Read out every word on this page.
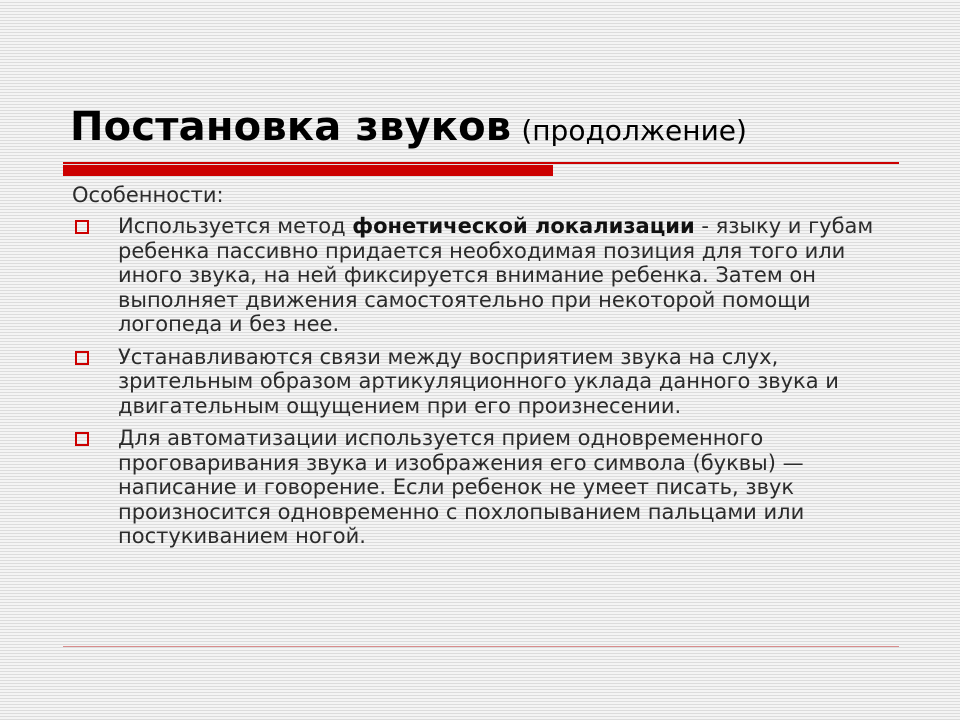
Постановка звуков (продолжение)
Особенности:
Используется метод фонетической локализации - языку и губам ребенка пассивно придается необходимая позиция для того или иного звука, на ней фиксируется внимание ребенка. Затем он выполняет движения самостоятельно при некоторой помощи логопеда и без нее.
Устанавливаются связи между восприятием звука на слух, зрительным образом артикуляционного уклада данного звука и двигательным ощущением при его произнесении.
Для автоматизации используется прием одновременного проговаривания звука и изображения его символа (буквы) — написание и говорение. Если ребенок не умеет писать, звук произносится одновременно с похлопыванием пальцами или постукиванием ногой.
